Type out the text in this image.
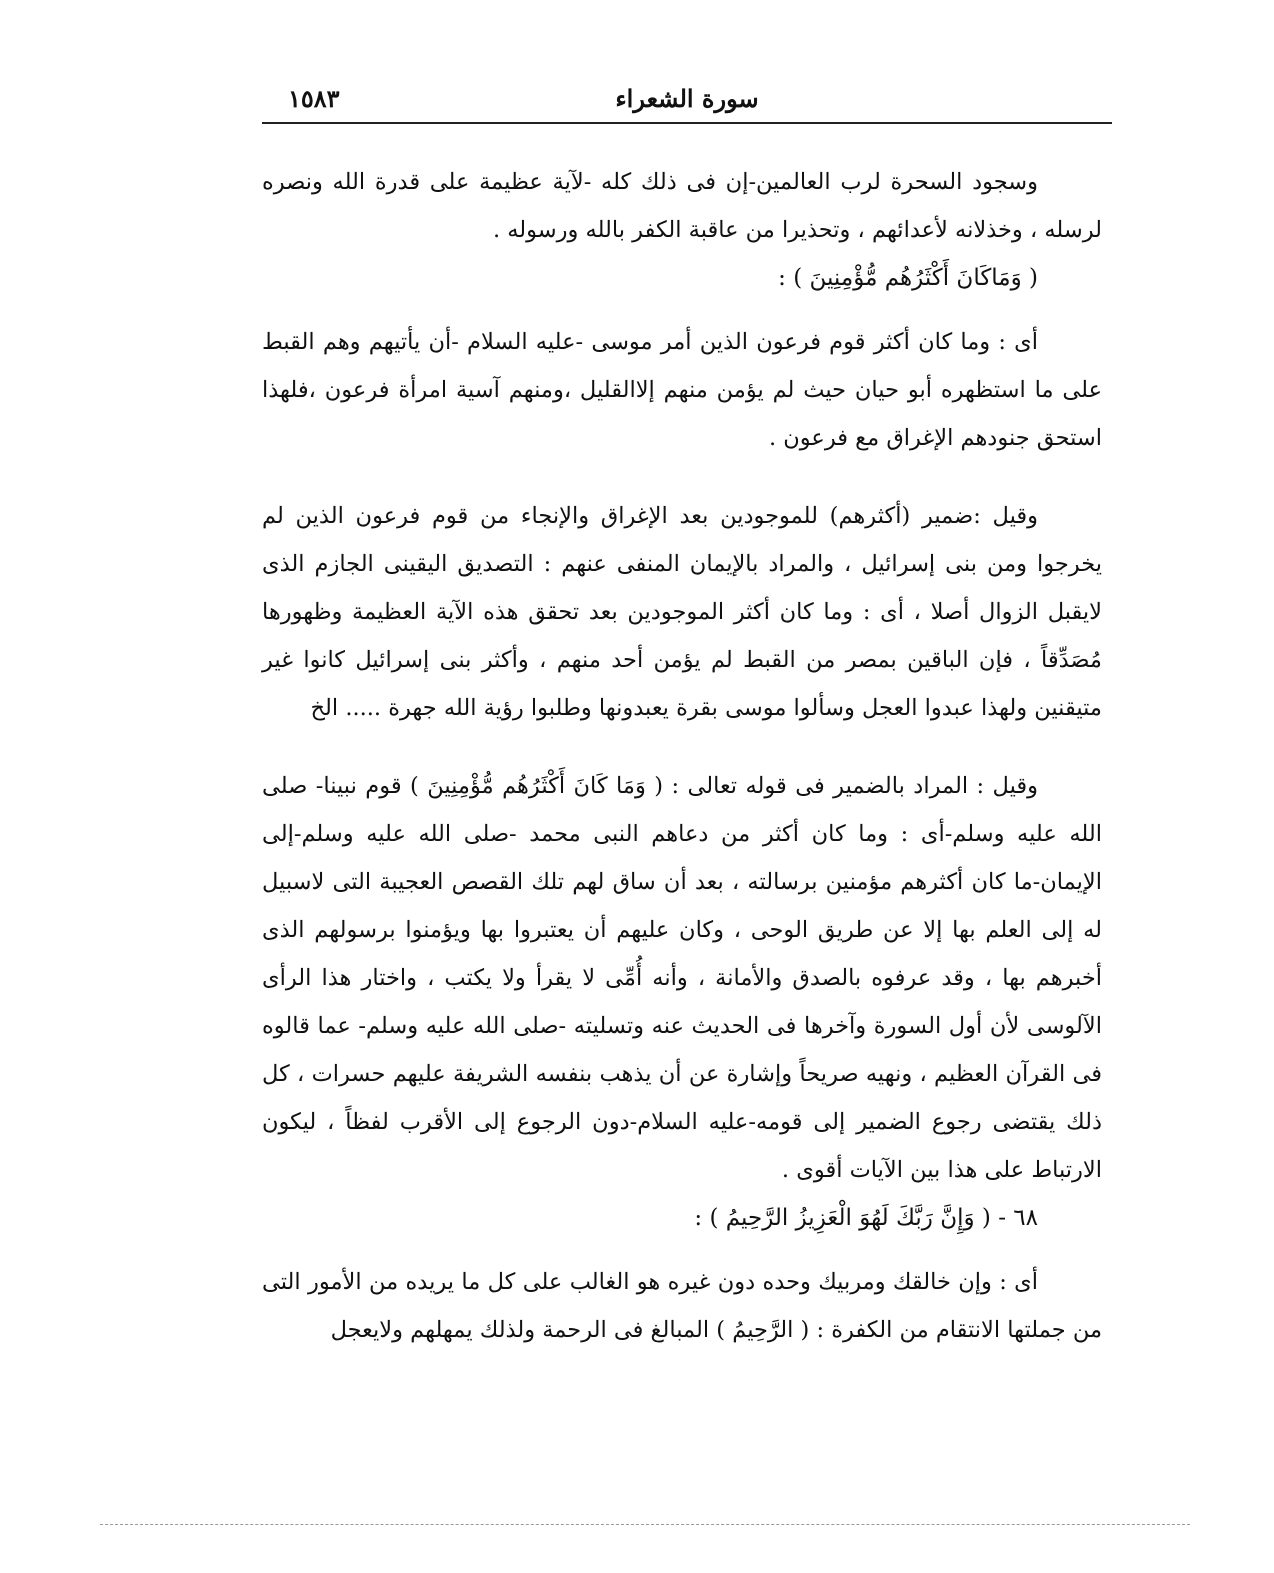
سورة الشعراء
١٥٨٣

وسجود السحرة لرب العالمين-إن فى ذلك كله -لآية عظيمة على قدرة الله ونصره لرسله ، وخذلانه لأعدائهم ، وتحذيرا من عاقبة الكفر بالله ورسوله .

( وَمَاكَانَ أَكْثَرُهُم مُّؤْمِنِينَ ) :

أى : وما كان أكثر قوم فرعون الذين أمر موسى -عليه السلام -أن يأتيهم وهم القبط على ما استظهره أبو حيان حيث لم يؤمن منهم إلاالقليل ،ومنهم آسية امرأة فرعون ،فلهذا استحق جنودهم الإغراق مع فرعون .

وقيل :ضمير (أكثرهم) للموجودين بعد الإغراق والإنجاء من قوم فرعون الذين لم يخرجوا ومن بنى إسرائيل ، والمراد بالإيمان المنفى عنهم : التصديق اليقينى الجازم الذى لايقبل الزوال أصلا ، أى : وما كان أكثر الموجودين بعد تحقق هذه الآية العظيمة وظهورها مُصَدِّقاً ، فإن الباقين بمصر من القبط لم يؤمن أحد منهم ، وأكثر بنى إسرائيل كانوا غير متيقنين ولهذا عبدوا العجل وسألوا موسى بقرة يعبدونها وطلبوا رؤية الله جهرة ..... الخ

وقيل : المراد بالضمير فى قوله تعالى : ( وَمَا كَانَ أَكْثَرُهُم مُّؤْمِنِينَ ) قوم نبينا- صلى الله عليه وسلم-أى : وما كان أكثر من دعاهم النبى محمد -صلى الله عليه وسلم-إلى الإيمان-ما كان أكثرهم مؤمنين برسالته ، بعد أن ساق لهم تلك القصص العجيبة التى لاسبيل له إلى العلم بها إلا عن طريق الوحى ، وكان عليهم أن يعتبروا بها ويؤمنوا برسولهم الذى أخبرهم بها ، وقد عرفوه بالصدق والأمانة ، وأنه أُمِّى لا يقرأ ولا يكتب ، واختار هذا الرأى الآلوسى لأن أول السورة وآخرها فى الحديث عنه وتسليته -صلى الله عليه وسلم- عما قالوه فى القرآن العظيم ، ونهيه صريحاً وإشارة عن أن يذهب بنفسه الشريفة عليهم حسرات ، كل ذلك يقتضى رجوع الضمير إلى قومه-عليه السلام-دون الرجوع إلى الأقرب لفظاً ، ليكون الارتباط على هذا بين الآيات أقوى .

٦٨ - ( وَإِنَّ رَبَّكَ لَهُوَ الْعَزِيزُ الرَّحِيمُ ) :

أى : وإن خالقك ومربيك وحده دون غيره هو الغالب على كل ما يريده من الأمور التى من جملتها الانتقام من الكفرة : ( الرَّحِيمُ ) المبالغ فى الرحمة ولذلك يمهلهم ولايعجل
